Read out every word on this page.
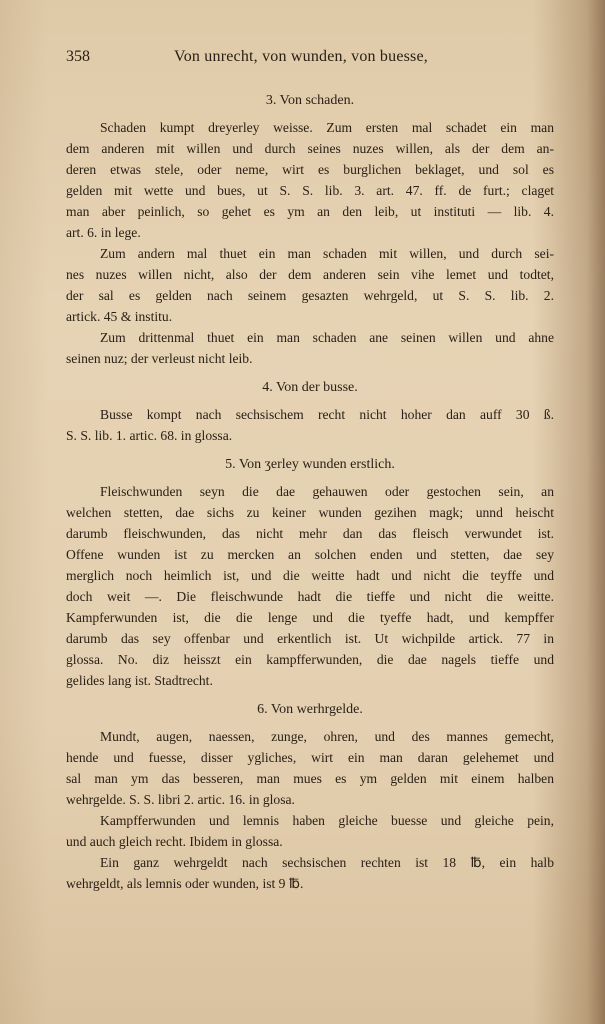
358	Von unrecht, von wunden, von buesse,
3. Von schaden.
Schaden kumpt dreyerley weisse. Zum ersten mal schadet ein man
dem anderen mit willen und durch seines nuzes willen, als der dem an-
deren etwas stele, oder neme, wirt es burglichen beklaget, und sol es
gelden mit wette und bues, ut S. S. lib. 3. art. 47. ff. de furt.; claget
man aber peinlich, so gehet es ym an den leib, ut instituti — lib. 4.
art. 6. in lege.
Zum andern mal thuet ein man schaden mit willen, und durch sei-
nes nuzes willen nicht, also der dem anderen sein vihe lemet und todtet,
der sal es gelden nach seinem gesazten wehrgeld, ut S. S. lib. 2.
artick. 45 & institu.
Zum drittenmal thuet ein man schaden ane seinen willen und ahne
seinen nuz; der verleust nicht leib.
4. Von der busse.
Busse kompt nach sechsischem recht nicht hoher dan auff 30 ß.
S. S. lib. 1. artic. 68. in glossa.
5. Von ʒerley wunden erstlich.
Fleischwunden seyn die dae gehauwen oder gestochen sein, an
welchen stetten, dae sichs zu keiner wunden gezihen magk; unnd heischt
darumb fleischwunden, das nicht mehr dan das fleisch verwundet ist.
Offene wunden ist zu mercken an solchen enden und stetten, dae sey
merglich noch heimlich ist, und die weitte hadt und nicht die teyffe und
doch weit —. Die fleischwunde hadt die tieffe und nicht die weitte.
Kampferwunden ist, die die lenge und die tyeffe hadt, und kempffer
darumb das sey offenbar und erkentlich ist. Ut wichpilde artick. 77 in
glossa. No. diz heisszt ein kampfferwunden, die dae nagels tieffe und
gelides lang ist. Stadtrecht.
6. Von werhrgelde.
Mundt, augen, naessen, zunge, ohren, und des mannes gemecht,
hende und fuesse, disser ygliches, wirt ein man daran gelehemet und
sal man ym das besseren, man mues es ym gelden mit einem halben
wehrgelde. S. S. libri 2. artic. 16. in glosa.
Kampfferwunden und lemnis haben gleiche buesse und gleiche pein,
und auch gleich recht. Ibidem in glossa.
Ein ganz wehrgeldt nach sechsischen rechten ist 18 ℔, ein halb
wehrgeldt, als lemnis oder wunden, ist 9 ℔.
